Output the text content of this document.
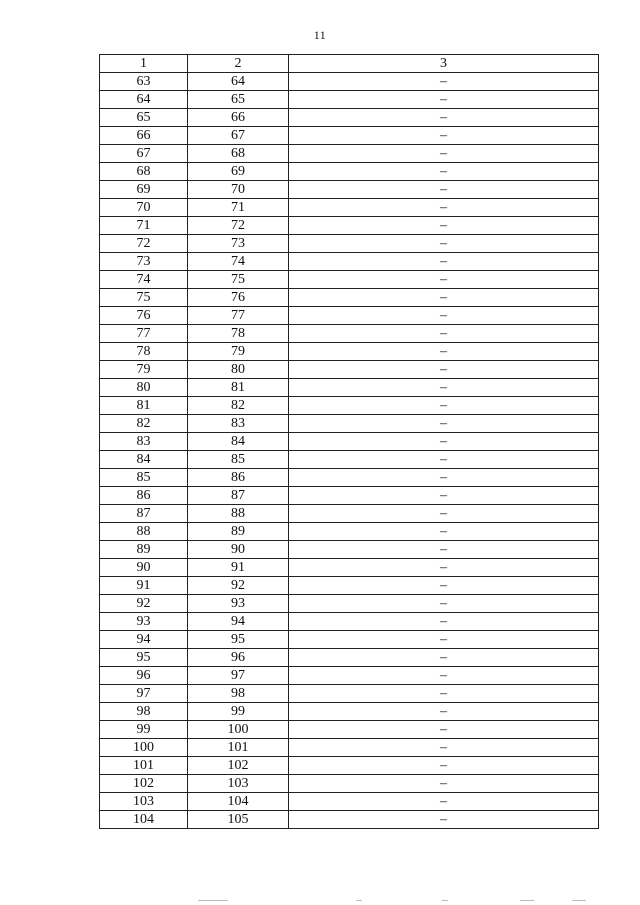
11
1	2	3
63	64	–
64	65	–
65	66	–
66	67	–
67	68	–
68	69	–
69	70	–
70	71	–
71	72	–
72	73	–
73	74	–
74	75	–
75	76	–
76	77	–
77	78	–
78	79	–
79	80	–
80	81	–
81	82	–
82	83	–
83	84	–
84	85	–
85	86	–
86	87	–
87	88	–
88	89	–
89	90	–
90	91	–
91	92	–
92	93	–
93	94	–
94	95	–
95	96	–
96	97	–
97	98	–
98	99	–
99	100	–
100	101	–
101	102	–
102	103	–
103	104	–
104	105	–
